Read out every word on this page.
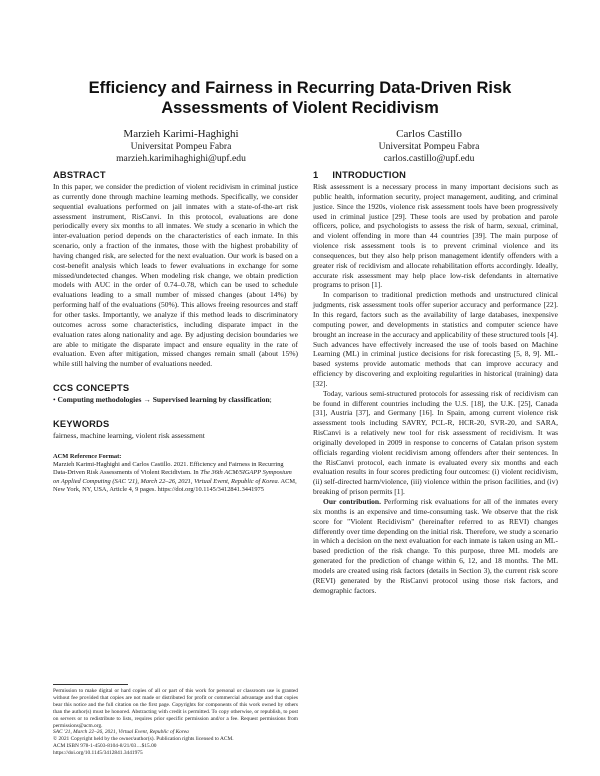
Efficiency and Fairness in Recurring Data-Driven Risk Assessments of Violent Recidivism
Marzieh Karimi-Haghighi
Universitat Pompeu Fabra
marzieh.karimihaghighi@upf.edu
Carlos Castillo
Universitat Pompeu Fabra
carlos.castillo@upf.edu
ABSTRACT

In this paper, we consider the prediction of violent recidivism in criminal justice as currently done through machine learning methods. Specifically, we consider sequential evaluations performed on jail inmates with a state-of-the-art risk assessment instrument, RisCanvi. In this protocol, evaluations are done periodically every six months to all inmates. We study a scenario in which the inter-evaluation period depends on the characteristics of each inmate. In this scenario, only a fraction of the inmates, those with the highest probability of having changed risk, are selected for the next evaluation. Our work is based on a cost-benefit analysis which leads to fewer evaluations in exchange for some missed/undetected changes. When modeling risk change, we obtain prediction models with AUC in the order of 0.74–0.78, which can be used to schedule evaluations leading to a small number of missed changes (about 14%) by performing half of the evaluations (50%). This allows freeing resources and staff for other tasks. Importantly, we analyze if this method leads to discriminatory outcomes across some characteristics, including disparate impact in the evaluation rates along nationality and age. By adjusting decision boundaries we are able to mitigate the disparate impact and ensure equality in the rate of evaluation. Even after mitigation, missed changes remain small (about 15%) while still halving the number of evaluations needed.

CCS CONCEPTS

• Computing methodologies → Supervised learning by classification;

KEYWORDS

fairness, machine learning, violent risk assessment

ACM Reference Format:

Marzieh Karimi-Haghighi and Carlos Castillo. 2021. Efficiency and Fairness in Recurring Data-Driven Risk Assessments of Violent Recidivism. In The 36th ACM/SIGAPP Symposium on Applied Computing (SAC '21), March 22–26, 2021, Virtual Event, Republic of Korea. ACM, New York, NY, USA, Article 4, 9 pages. https://doi.org/10.1145/3412841.3441975

Permission to make digital or hard copies of all or part of this work for personal or classroom use is granted without fee provided that copies are not made or distributed for profit or commercial advantage and that copies bear this notice and the full citation on the first page. Copyrights for components of this work owned by others than the author(s) must be honored. Abstracting with credit is permitted. To copy otherwise, or republish, to post on servers or to redistribute to lists, requires prior specific permission and/or a fee. Request permissions from permissions@acm.org.
SAC '21, March 22–26, 2021, Virtual Event, Republic of Korea
© 2021 Copyright held by the owner/author(s). Publication rights licensed to ACM.
ACM ISBN 978-1-4503-8104-8/21/03…$15.00
https://doi.org/10.1145/3412841.3441975
1 INTRODUCTION

Risk assessment is a necessary process in many important decisions such as public health, information security, project management, auditing, and criminal justice. Since the 1920s, violence risk assessment tools have been progressively used in criminal justice [29]. These tools are used by probation and parole officers, police, and psychologists to assess the risk of harm, sexual, criminal, and violent offending in more than 44 countries [39]. The main purpose of violence risk assessment tools is to prevent criminal violence and its consequences, but they also help prison management identify offenders with a greater risk of recidivism and allocate rehabilitation efforts accordingly. Ideally, accurate risk assessment may help place low-risk defendants in alternative programs to prison [1].

In comparison to traditional prediction methods and unstructured clinical judgments, risk assessment tools offer superior accuracy and performance [22]. In this regard, factors such as the availability of large databases, inexpensive computing power, and developments in statistics and computer science have brought an increase in the accuracy and applicability of these structured tools [4]. Such advances have effectively increased the use of tools based on Machine Learning (ML) in criminal justice decisions for risk forecasting [5, 8, 9]. ML-based systems provide automatic methods that can improve accuracy and efficiency by discovering and exploiting regularities in historical (training) data [32].

Today, various semi-structured protocols for assessing risk of recidivism can be found in different countries including the U.S. [18], the U.K. [25], Canada [31], Austria [37], and Germany [16]. In Spain, among current violence risk assessment tools including SAVRY, PCL-R, HCR-20, SVR-20, and SARA, RisCanvi is a relatively new tool for risk assessment of recidivism. It was originally developed in 2009 in response to concerns of Catalan prison system officials regarding violent recidivism among offenders after their sentences. In the RisCanvi protocol, each inmate is evaluated every six months and each evaluation results in four scores predicting four outcomes: (i) violent recidivism, (ii) self-directed harm/violence, (iii) violence within the prison facilities, and (iv) breaking of prison permits [1].

Our contribution. Performing risk evaluations for all of the inmates every six months is an expensive and time-consuming task. We observe that the risk score for "Violent Recidivism" (hereinafter referred to as REVI) changes differently over time depending on the initial risk. Therefore, we study a scenario in which a decision on the next evaluation for each inmate is taken using an ML-based prediction of the risk change. To this purpose, three ML models are generated for the prediction of change within 6, 12, and 18 months. The ML models are created using risk factors (details in Section 3), the current risk score (REVI) generated by the RisCanvi protocol using those risk factors, and demographic factors.
